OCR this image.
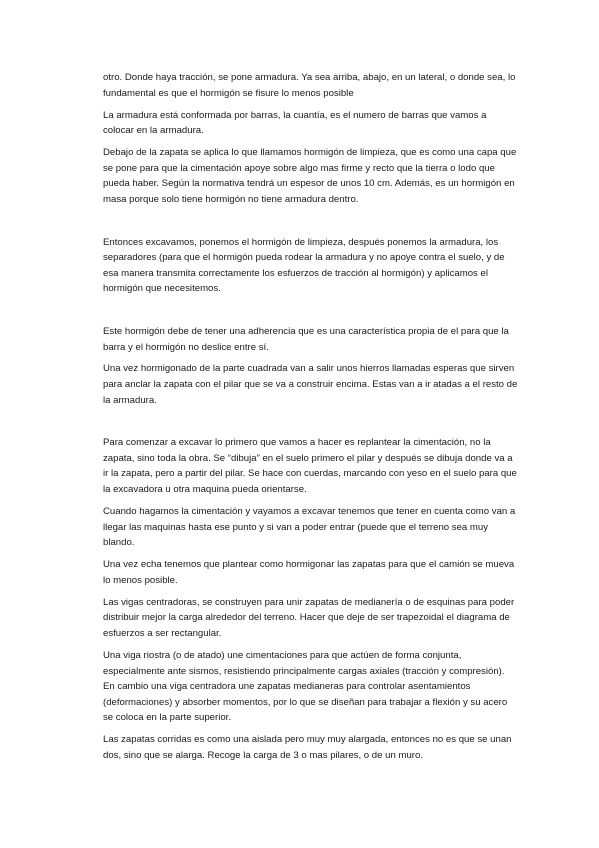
otro. Donde haya tracción, se pone armadura. Ya sea arriba, abajo, en un lateral, o donde sea, lo fundamental es que el hormigón se fisure lo menos posible

La armadura está conformada por barras, la cuantía, es el numero de barras que vamos a colocar en la armadura.

Debajo de la zapata se aplica lo que llamamos hormigón de limpieza, que es como una capa que se pone para que la cimentación apoye sobre algo mas firme y recto que la tierra o lodo que pueda haber. Según la normativa tendrá un espesor de unos 10 cm. Además, es un hormigón en masa porque solo tiene hormigón no tiene armadura dentro.

Entonces excavamos, ponemos el hormigón de limpieza, después ponemos la armadura, los separadores (para que el hormigón pueda rodear la armadura y no apoye contra el suelo, y de esa manera transmita correctamente los esfuerzos de tracción al hormigón) y aplicamos el hormigón que necesitemos.

Este hormigón debe de tener una adherencia que es una característica propia de el para que la barra y el hormigón no deslice entre sí.

Una vez hormigonado de la parte cuadrada van a salir unos hierros llamadas esperas que sirven para anclar la zapata con el pilar que se va a construir encima. Estas van a ir atadas a el resto de la armadura.

Para comenzar a excavar lo primero que vamos a hacer es replantear la cimentación, no la zapata, sino toda la obra. Se “dibuja” en el suelo primero el pilar y después se dibuja donde va a ir la zapata, pero a partir del pilar. Se hace con cuerdas, marcando con yeso en el suelo para que la excavadora u otra maquina pueda orientarse.

Cuando hagamos la cimentación y vayamos a excavar tenemos que tener en cuenta como van a llegar las maquinas hasta ese punto y si van a poder entrar (puede que el terreno sea muy blando.

Una vez echa tenemos que plantear como hormigonar las zapatas para que el camión se mueva lo menos posible.

Las vigas centradoras, se construyen para unir zapatas de medianería o de esquinas para poder distribuir mejor la carga alrededor del terreno. Hacer que deje de ser trapezoidal el diagrama de esfuerzos a ser rectangular.

Una viga riostra (o de atado) une cimentaciones para que actúen de forma conjunta, especialmente ante sismos, resistiendo principalmente cargas axiales (tracción y compresión). En cambio una viga centradora une zapatas medianeras para controlar asentamientos (deformaciones) y absorber momentos, por lo que se diseñan para trabajar a flexión y su acero se coloca en la parte superior.

Las zapatas corridas es como una aislada pero muy muy alargada, entonces no es que se unan dos, sino que se alarga. Recoge la carga de 3 o mas pilares, o de un muro.
